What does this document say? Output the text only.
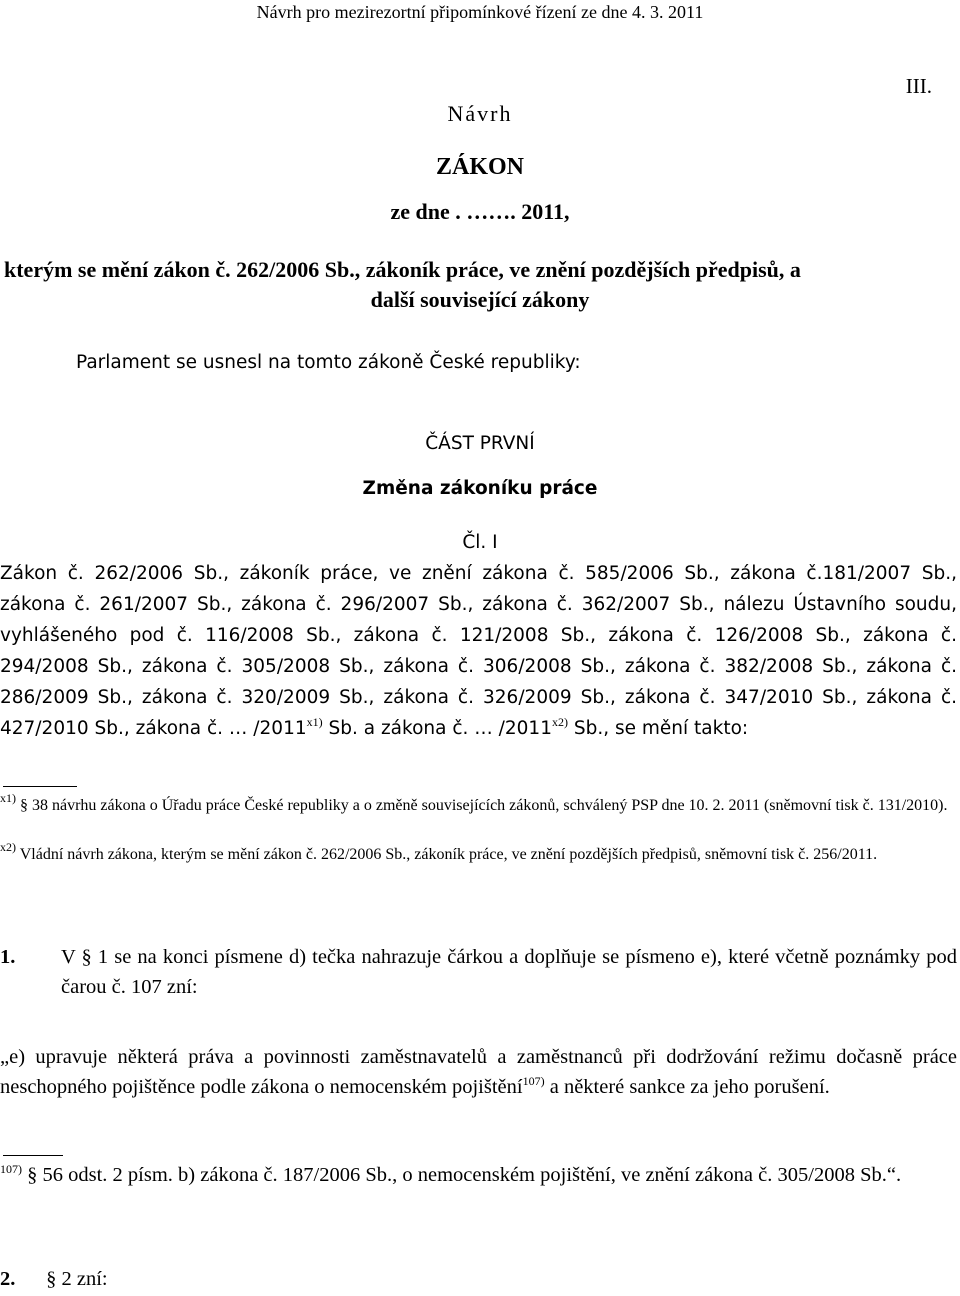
Návrh pro mezirezortní připomínkové řízení ze dne 4. 3. 2011
III.
Návrh
ZÁKON
ze dne . ……. 2011,
kterým se mění zákon č. 262/2006 Sb., zákoník práce, ve znění pozdějších předpisů, a
další související zákony
Parlament se usnesl na tomto zákoně České republiky:
ČÁST PRVNÍ
Změna zákoníku práce
Čl. I
Zákon č. 262/2006 Sb., zákoník práce, ve znění zákona č. 585/2006 Sb., zákona č.181/2007 Sb., zákona č. 261/2007 Sb., zákona č. 296/2007 Sb., zákona č. 362/2007 Sb., nálezu Ústavního soudu, vyhlášeného pod č. 116/2008 Sb., zákona č. 121/2008 Sb., zákona č. 126/2008 Sb., zákona č. 294/2008 Sb., zákona č. 305/2008 Sb., zákona č. 306/2008 Sb., zákona č. 382/2008 Sb., zákona č. 286/2009 Sb., zákona č. 320/2009 Sb., zákona č. 326/2009 Sb., zákona č. 347/2010 Sb., zákona č. 427/2010 Sb., zákona č. … $/2011^{x1)}$ Sb. a zákona č. … $/2011^{x2)}$ Sb., se mění takto:
$^{x1)}$ § 38 návrhu zákona o Úřadu práce České republiky a o změně souvisejících zákonů, schválený PSP dne 10. 2. 2011 (sněmovní tisk č. 131/2010).
$^{x2)}$ Vládní návrh zákona, kterým se mění zákon č. 262/2006 Sb., zákoník práce, ve znění pozdějších předpisů, sněmovní tisk č. 256/2011.
1. V § 1 se na konci písmene d) tečka nahrazuje čárkou a doplňuje se písmeno e), které včetně poznámky pod čarou č. 107 zní:
„e) upravuje některá práva a povinnosti zaměstnavatelů a zaměstnanců při dodržování režimu dočasně práce neschopného pojištěnce podle zákona o nemocenském pojištění$^{107)}$ a některé sankce za jeho porušení.
$^{107)}$ § 56 odst. 2 písm. b) zákona č. 187/2006 Sb., o nemocenském pojištění, ve znění zákona č. 305/2008 Sb.“.
2. § 2 zní:
